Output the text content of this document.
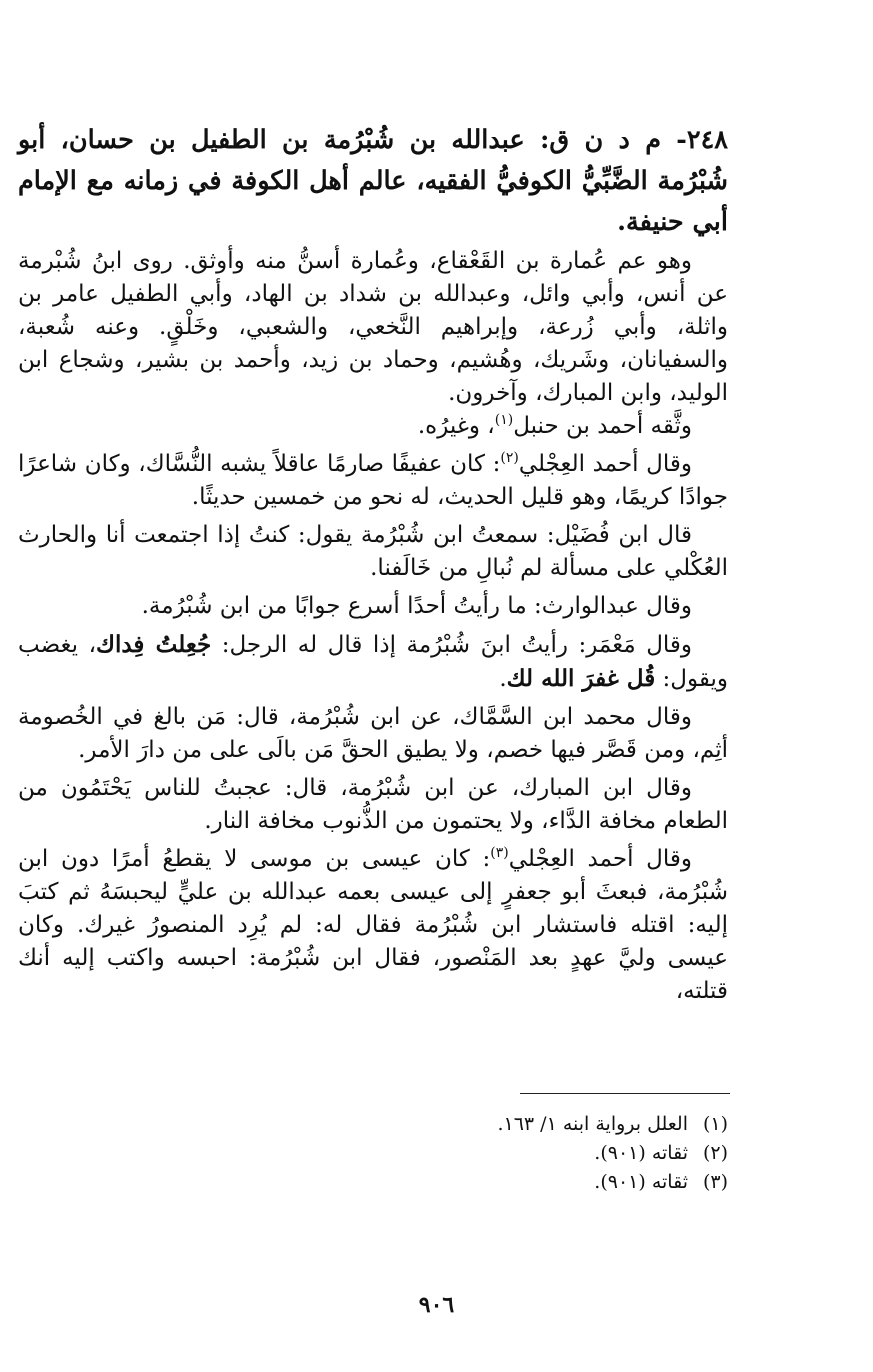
٢٤٨- م د ن ق: عبدالله بن شُبْرُمة بن الطفيل بن حسان، أبو شُبْرُمة الضَّبِّيُّ الكوفيُّ الفقيه، عالم أهل الكوفة في زمانه مع الإمام أبي حنيفة.

وهو عم عُمارة بن القَعْقاع، وعُمارة أسنُّ منه وأوثق. روى ابنُ شُبْرمة عن أنس، وأبي وائل، وعبدالله بن شداد بن الهاد، وأبي الطفيل عامر بن واثلة، وأبي زُرعة، وإبراهيم النَّخعي، والشعبي، وخَلْقٍ. وعنه شُعبة، والسفيانان، وشَريك، وهُشيم، وحماد بن زيد، وأحمد بن بشير، وشجاع ابن الوليد، وابن المبارك، وآخرون.

وثَّقه أحمد بن حنبل$^{(١)}$، وغيرُه.

وقال أحمد العِجْلي$^{(٢)}$: كان عفيفًا صارمًا عاقلاً يشبه النُّسَّاك، وكان شاعرًا جوادًا كريمًا، وهو قليل الحديث، له نحو من خمسين حديثًا.

قال ابن فُضَيْل: سمعتُ ابن شُبْرُمة يقول: كنتُ إذا اجتمعت أنا والحارث العُكْلي على مسألة لم نُبالِ من خَالَفنا.

وقال عبدالوارث: ما رأيتُ أحدًا أسرع جوابًا من ابن شُبْرُمة.

وقال مَعْمَر: رأيتُ ابنَ شُبْرُمة إذا قال له الرجل: جُعِلتُ فِداك، يغضب ويقول: قُل غفرَ الله لك.

وقال محمد ابن السَّمَّاك، عن ابن شُبْرُمة، قال: مَن بالغ في الخُصومة أثِم، ومن قَصَّر فيها خصم، ولا يطيق الحقَّ مَن بالَى على من دارَ الأمر.

وقال ابن المبارك، عن ابن شُبْرُمة، قال: عجبتُ للناس يَحْتَمُون من الطعام مخافة الدَّاء، ولا يحتمون من الذُّنوب مخافة النار.

وقال أحمد العِجْلي$^{(٣)}$: كان عيسى بن موسى لا يقطعُ أمرًا دون ابن شُبْرُمة، فبعثَ أبو جعفرٍ إلى عيسى بعمه عبدالله بن عليٍّ ليحبسَهُ ثم كتبَ إليه: اقتله فاستشار ابن شُبْرُمة فقال له: لم يُرِد المنصورُ غيرك. وكان عيسى وليَّ عهدٍ بعد المَنْصور، فقال ابن شُبْرُمة: احبسه واكتب إليه أنك قتلته،

(١)العلل برواية ابنه ١/ ١٦٣.

(٢)ثقاته (٩٠١).

(٣)ثقاته (٩٠١).

٩٠٦
